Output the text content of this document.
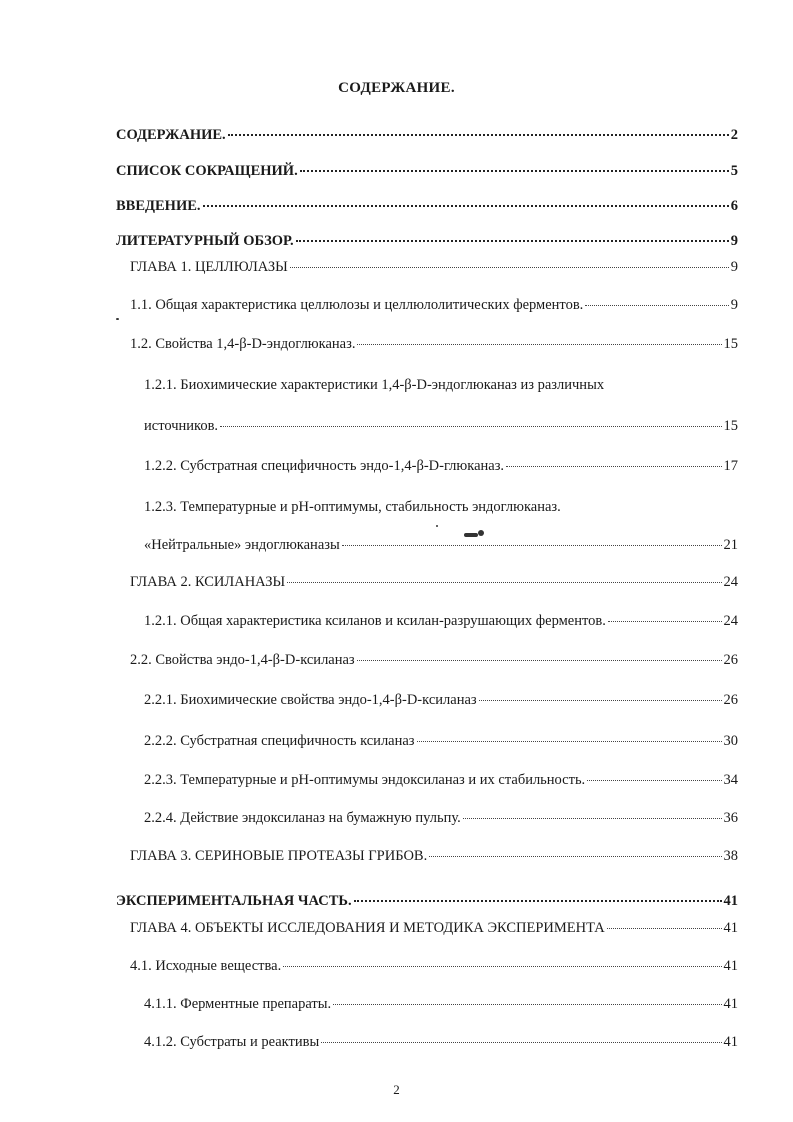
СОДЕРЖАНИЕ.
СОДЕРЖАНИЕ.	2
СПИСОК СОКРАЩЕНИЙ.	5
ВВЕДЕНИЕ.	6
ЛИТЕРАТУРНЫЙ ОБЗОР.	9
ГЛАВА 1. ЦЕЛЛЮЛАЗЫ	9
1.1. Общая характеристика целлюлозы и целлюлолитических ферментов.	9
1.2. Свойства 1,4-β-D-эндоглюканаз.	15
1.2.1. Биохимические характеристики 1,4-β-D-эндоглюканаз из различных
источников.	15
1.2.2. Субстратная специфичность эндо-1,4-β-D-глюканаз.	17
1.2.3. Температурные и pH-оптимумы, стабильность эндоглюканаз.
«Нейтральные» эндоглюканазы	21
ГЛАВА 2. КСИЛАНАЗЫ	24
1.2.1. Общая характеристика ксиланов и ксилан-разрушающих ферментов.	24
2.2. Свойства эндо-1,4-β-D-ксиланаз	26
2.2.1. Биохимические свойства эндо-1,4-β-D-ксиланаз	26
2.2.2. Субстратная специфичность ксиланаз	30
2.2.3. Температурные и pH-оптимумы эндоксиланаз и их стабильность.	34
2.2.4. Действие эндоксиланаз на бумажную пульпу.	36
ГЛАВА 3. СЕРИНОВЫЕ ПРОТЕАЗЫ ГРИБОВ.	38
ЭКСПЕРИМЕНТАЛЬНАЯ ЧАСТЬ.	41
ГЛАВА 4. ОБЪЕКТЫ ИССЛЕДОВАНИЯ И МЕТОДИКА ЭКСПЕРИМЕНТА	41
4.1. Исходные вещества.	41
4.1.1. Ферментные препараты.	41
4.1.2. Субстраты и реактивы	41
2
